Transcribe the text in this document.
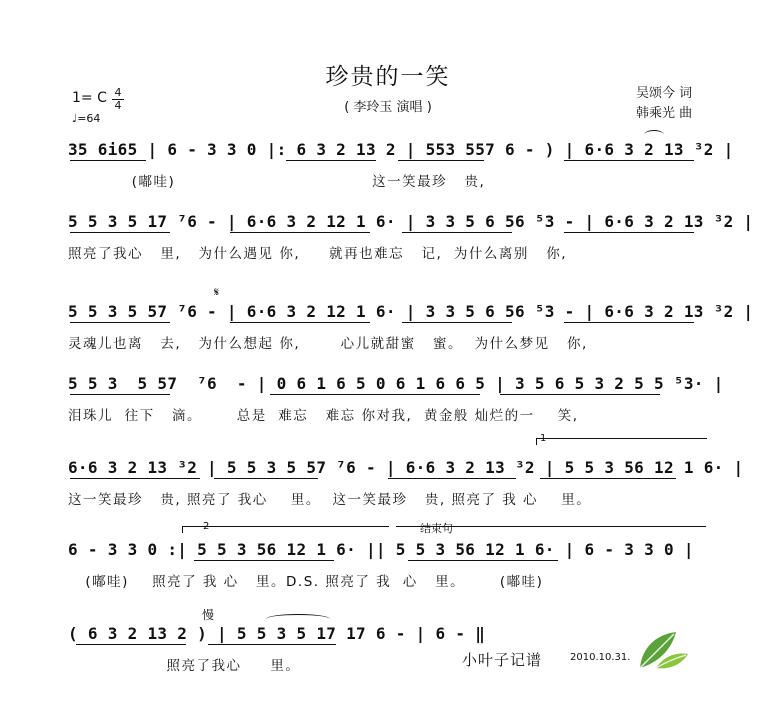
珍贵的一笑
( 李玲玉 演唱 )
1= C 4
4
♩=64
吴颂今 词
韩乘光 曲
35 6i65 | 6 - 3 3 0 |: 6 3 2 13 2 | 553 557 6 - ) | 6·6 3 2 13 ³2 |
(嘟哇)                                  这一笑最珍   贵,
5 5 3 5 17 ⁷6 - | 6·6 3 2 12 1 6· | 3 3 5 6 56 ⁵3 - | 6·6 3 2 13 ³2 |
照亮了我心   里,   为什么遇见 你,     就再也难忘   记,  为什么离别   你,
𝄋
5 5 3 5 57 ⁷6 - | 6·6 3 2 12 1 6· | 3 3 5 6 56 ⁵3 - | 6·6 3 2 13 ³2 |
灵魂儿也离   去,   为什么想起 你,       心儿就甜蜜   蜜。  为什么梦见   你,
5 5 3  5 57  ⁷6  - | 0 6 1 6 5 0 6 1 6 6 5 | 3 5 6 5 3 2 5 5 ⁵3· |
泪珠儿  往下   滴。      总是  难忘   难忘 你对我,  黄金般 灿烂的一    笑,
1
6·6 3 2 13 ³2 | 5 5 3 5 57 ⁷6 - | 6·6 3 2 13 ³2 | 5 5 3 56 12 1 6· |
这一笑最珍   贵, 照亮了 我心    里。  这一笑最珍   贵, 照亮了 我 心    里。
2	结束句
6 - 3 3 0 :| 5 5 3 56 12 1 6· || 5 5 3 56 12 1 6· | 6 - 3 3 0 |
(嘟哇)    照亮了 我 心   里。D.S. 照亮了 我  心   里。      (嘟哇)
慢
( 6 3 2 13 2 ) | 5 5 3 5 17 17 6 - | 6 - ‖
照亮了我心     里。	小叶子记谱	2010.10.31.
